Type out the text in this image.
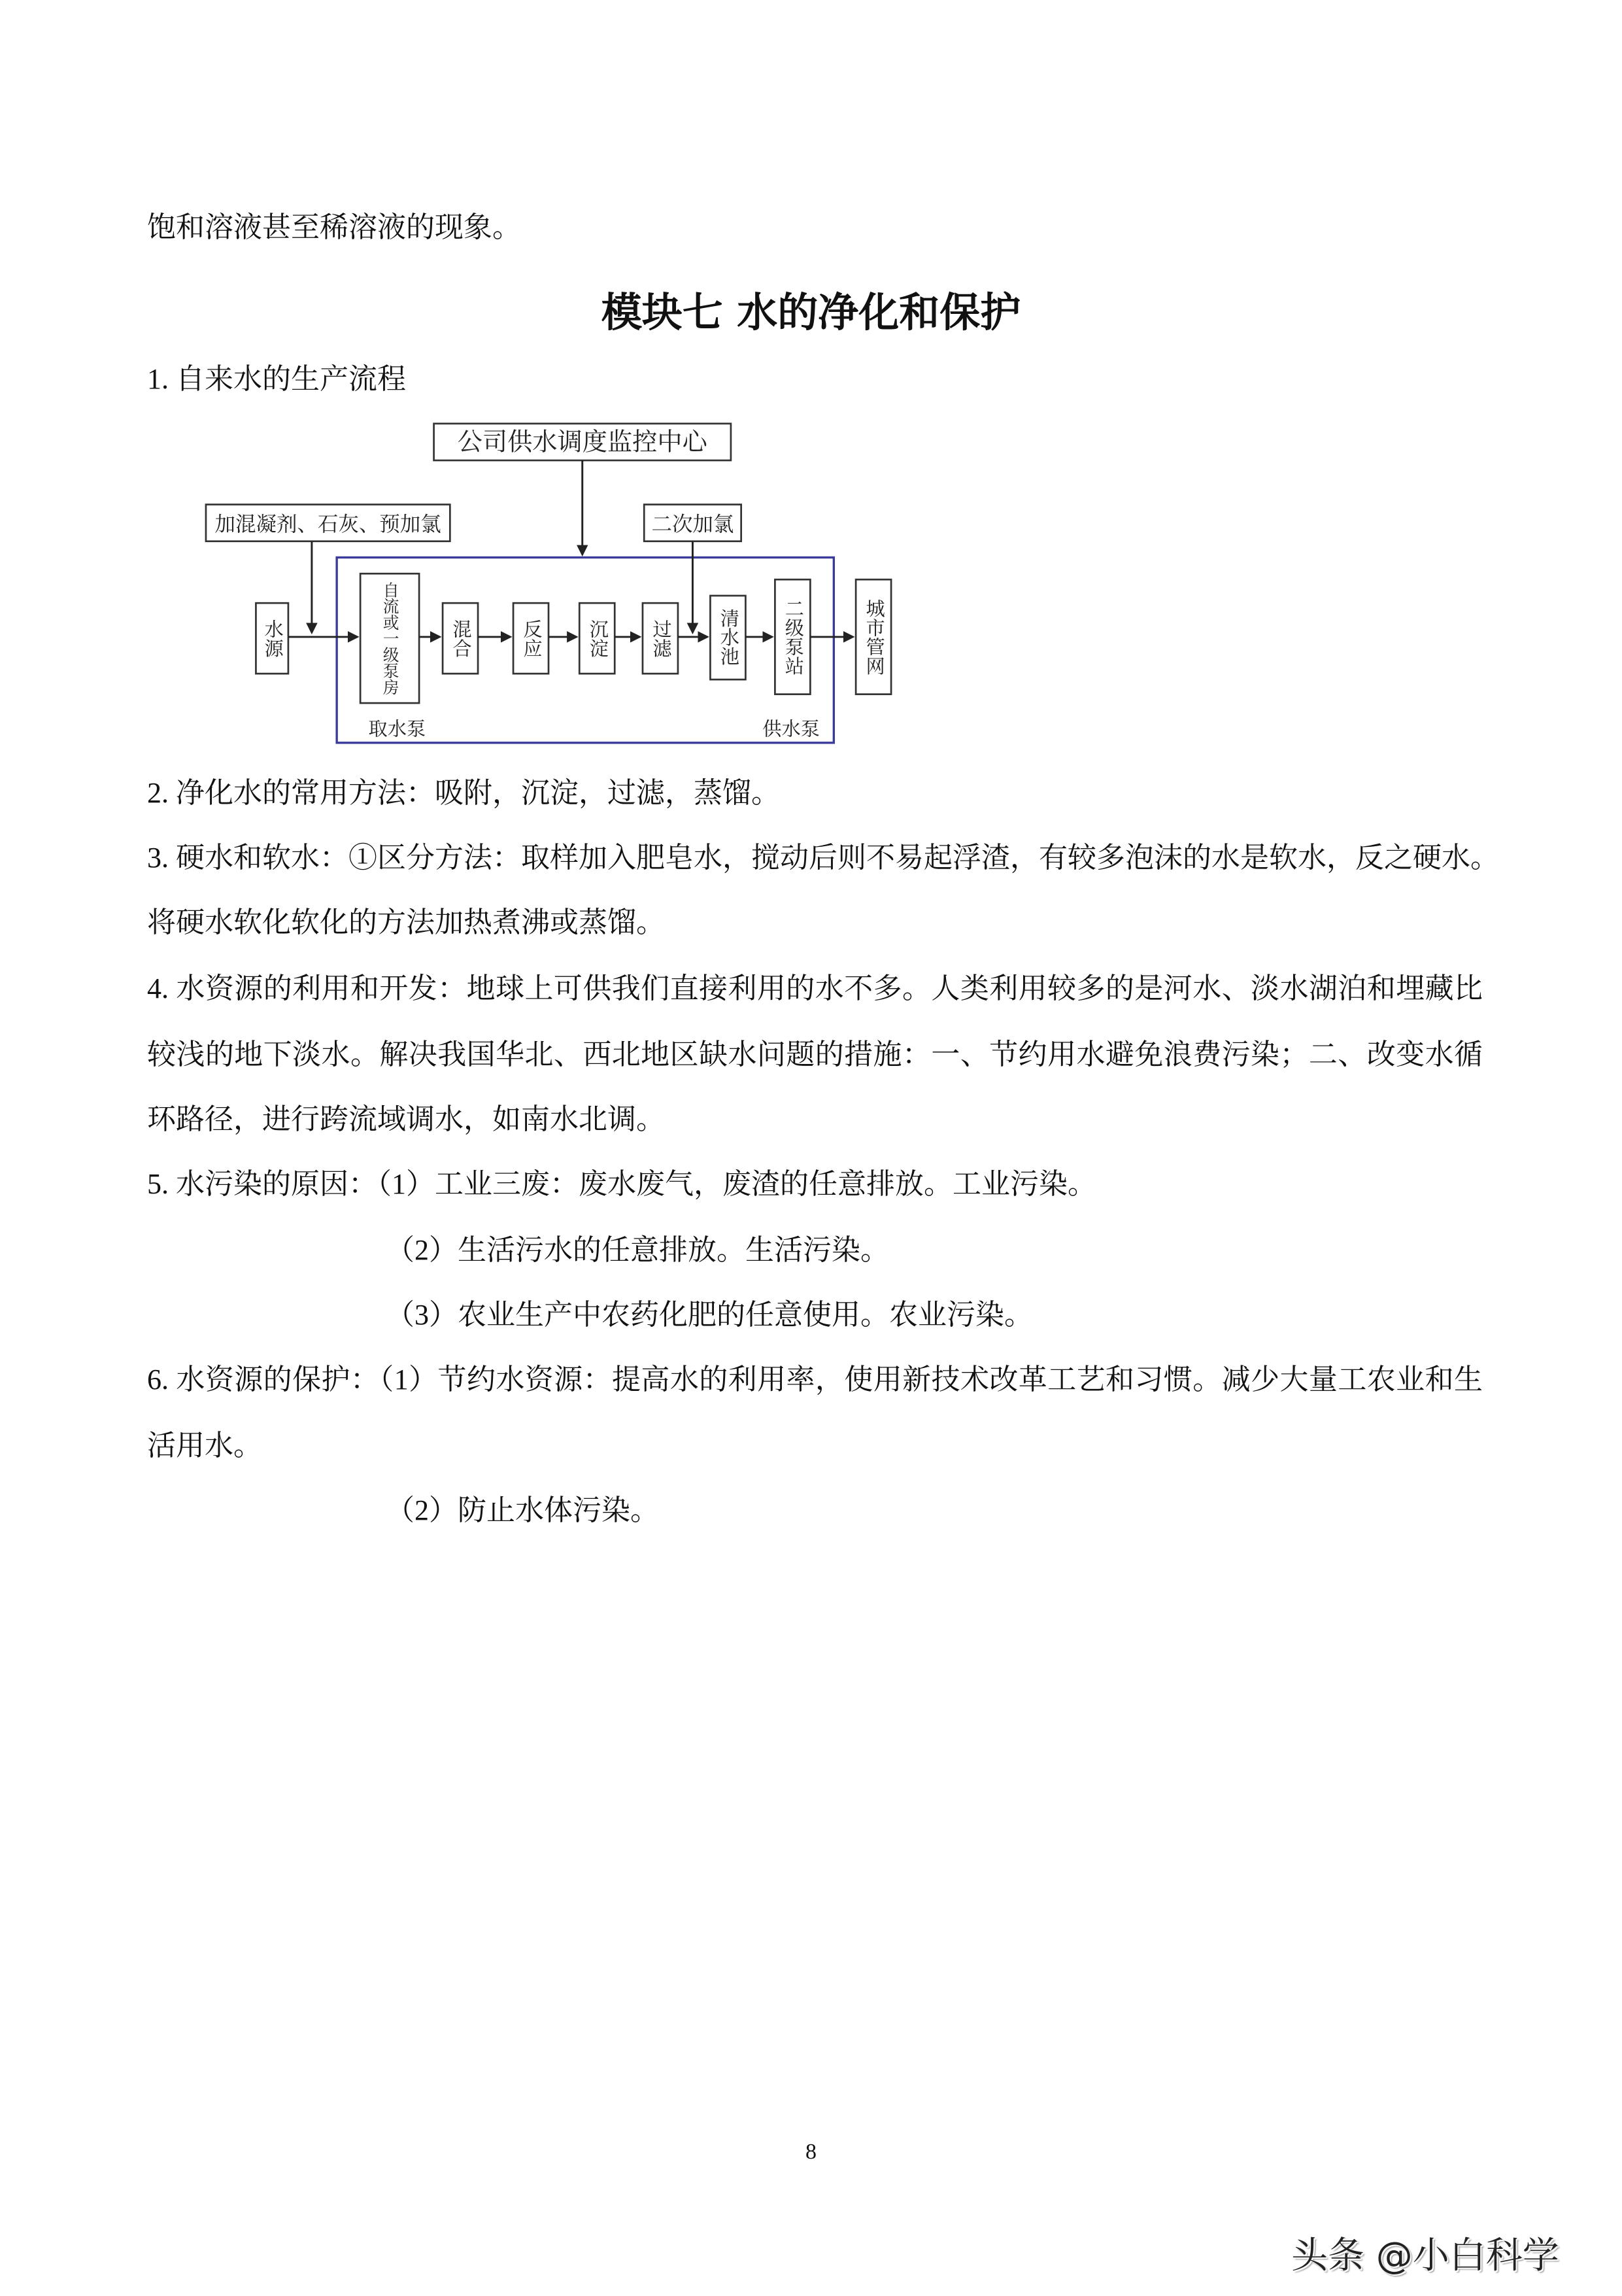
饱和溶液甚至稀溶液的现象。
模块七 水的净化和保护
1. 自来水的生产流程
公司供水调度监控中心
加混凝剂、石灰、预加氯	二次加氯
取水泵	供水泵
水源	自流或一级泵房	混合	反应	沉淀	过滤	清水池	二级泵站	城市管网
2. 净化水的常用方法：吸附，沉淀，过滤，蒸馏。
3. 硬水和软水：①区分方法：取样加入肥皂水，搅动后则不易起浮渣，有较多泡沫的水是软水，反之硬水。
将硬水软化软化的方法加热煮沸或蒸馏。
4. 水资源的利用和开发：地球上可供我们直接利用的水不多。人类利用较多的是河水、淡水湖泊和埋藏比
较浅的地下淡水。解决我国华北、西北地区缺水问题的措施：一、节约用水避免浪费污染；二、改变水循
环路径，进行跨流域调水，如南水北调。
5. 水污染的原因：（1）工业三废：废水废气，废渣的任意排放。工业污染。
（2）生活污水的任意排放。生活污染。
（3）农业生产中农药化肥的任意使用。农业污染。
6. 水资源的保护：（1）节约水资源：提高水的利用率，使用新技术改革工艺和习惯。减少大量工农业和生
活用水。
（2）防止水体污染。
8
头条 @小白科学
